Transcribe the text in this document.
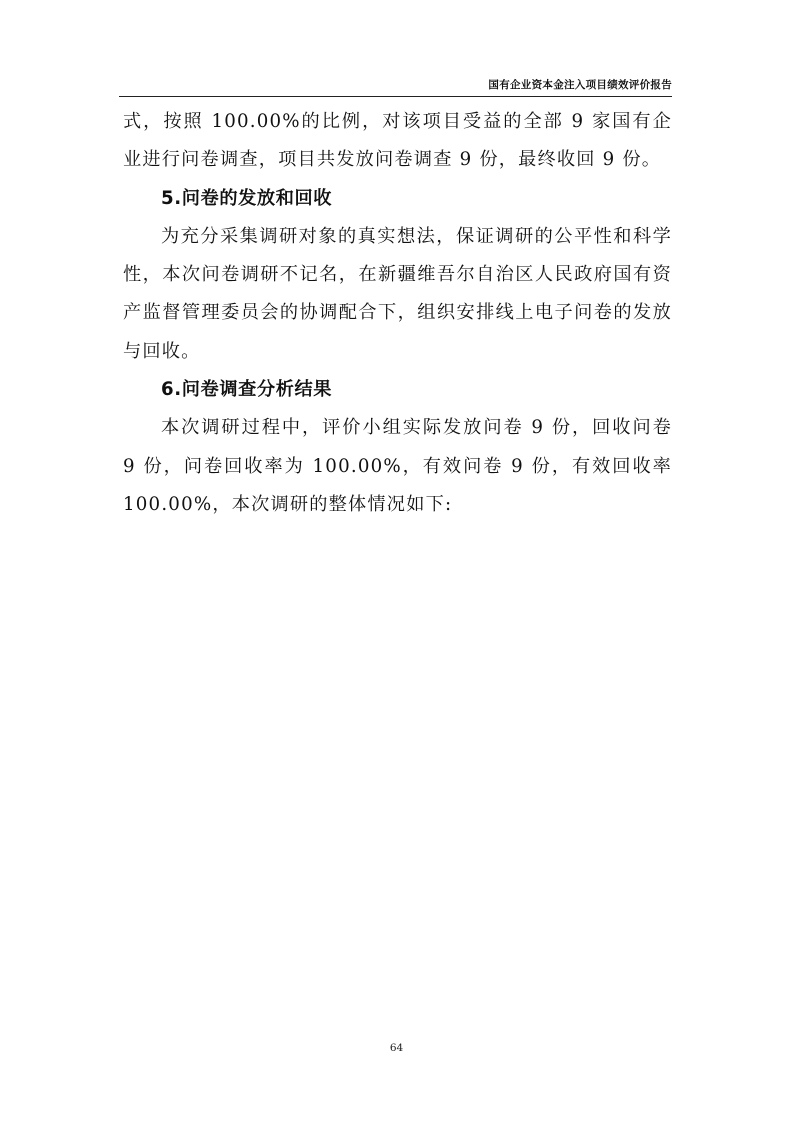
国有企业资本金注入项目绩效评价报告

式，按照 100.00%的比例，对该项目受益的全部 9 家国有企业进行问卷调查，项目共发放问卷调查 9 份，最终收回 9 份。

5.问卷的发放和回收

为充分采集调研对象的真实想法，保证调研的公平性和科学性，本次问卷调研不记名，在新疆维吾尔自治区人民政府国有资产监督管理委员会的协调配合下，组织安排线上电子问卷的发放与回收。

6.问卷调查分析结果

本次调研过程中，评价小组实际发放问卷 9 份，回收问卷 9 份，问卷回收率为 100.00%，有效问卷 9 份，有效回收率 100.00%，本次调研的整体情况如下:

64
